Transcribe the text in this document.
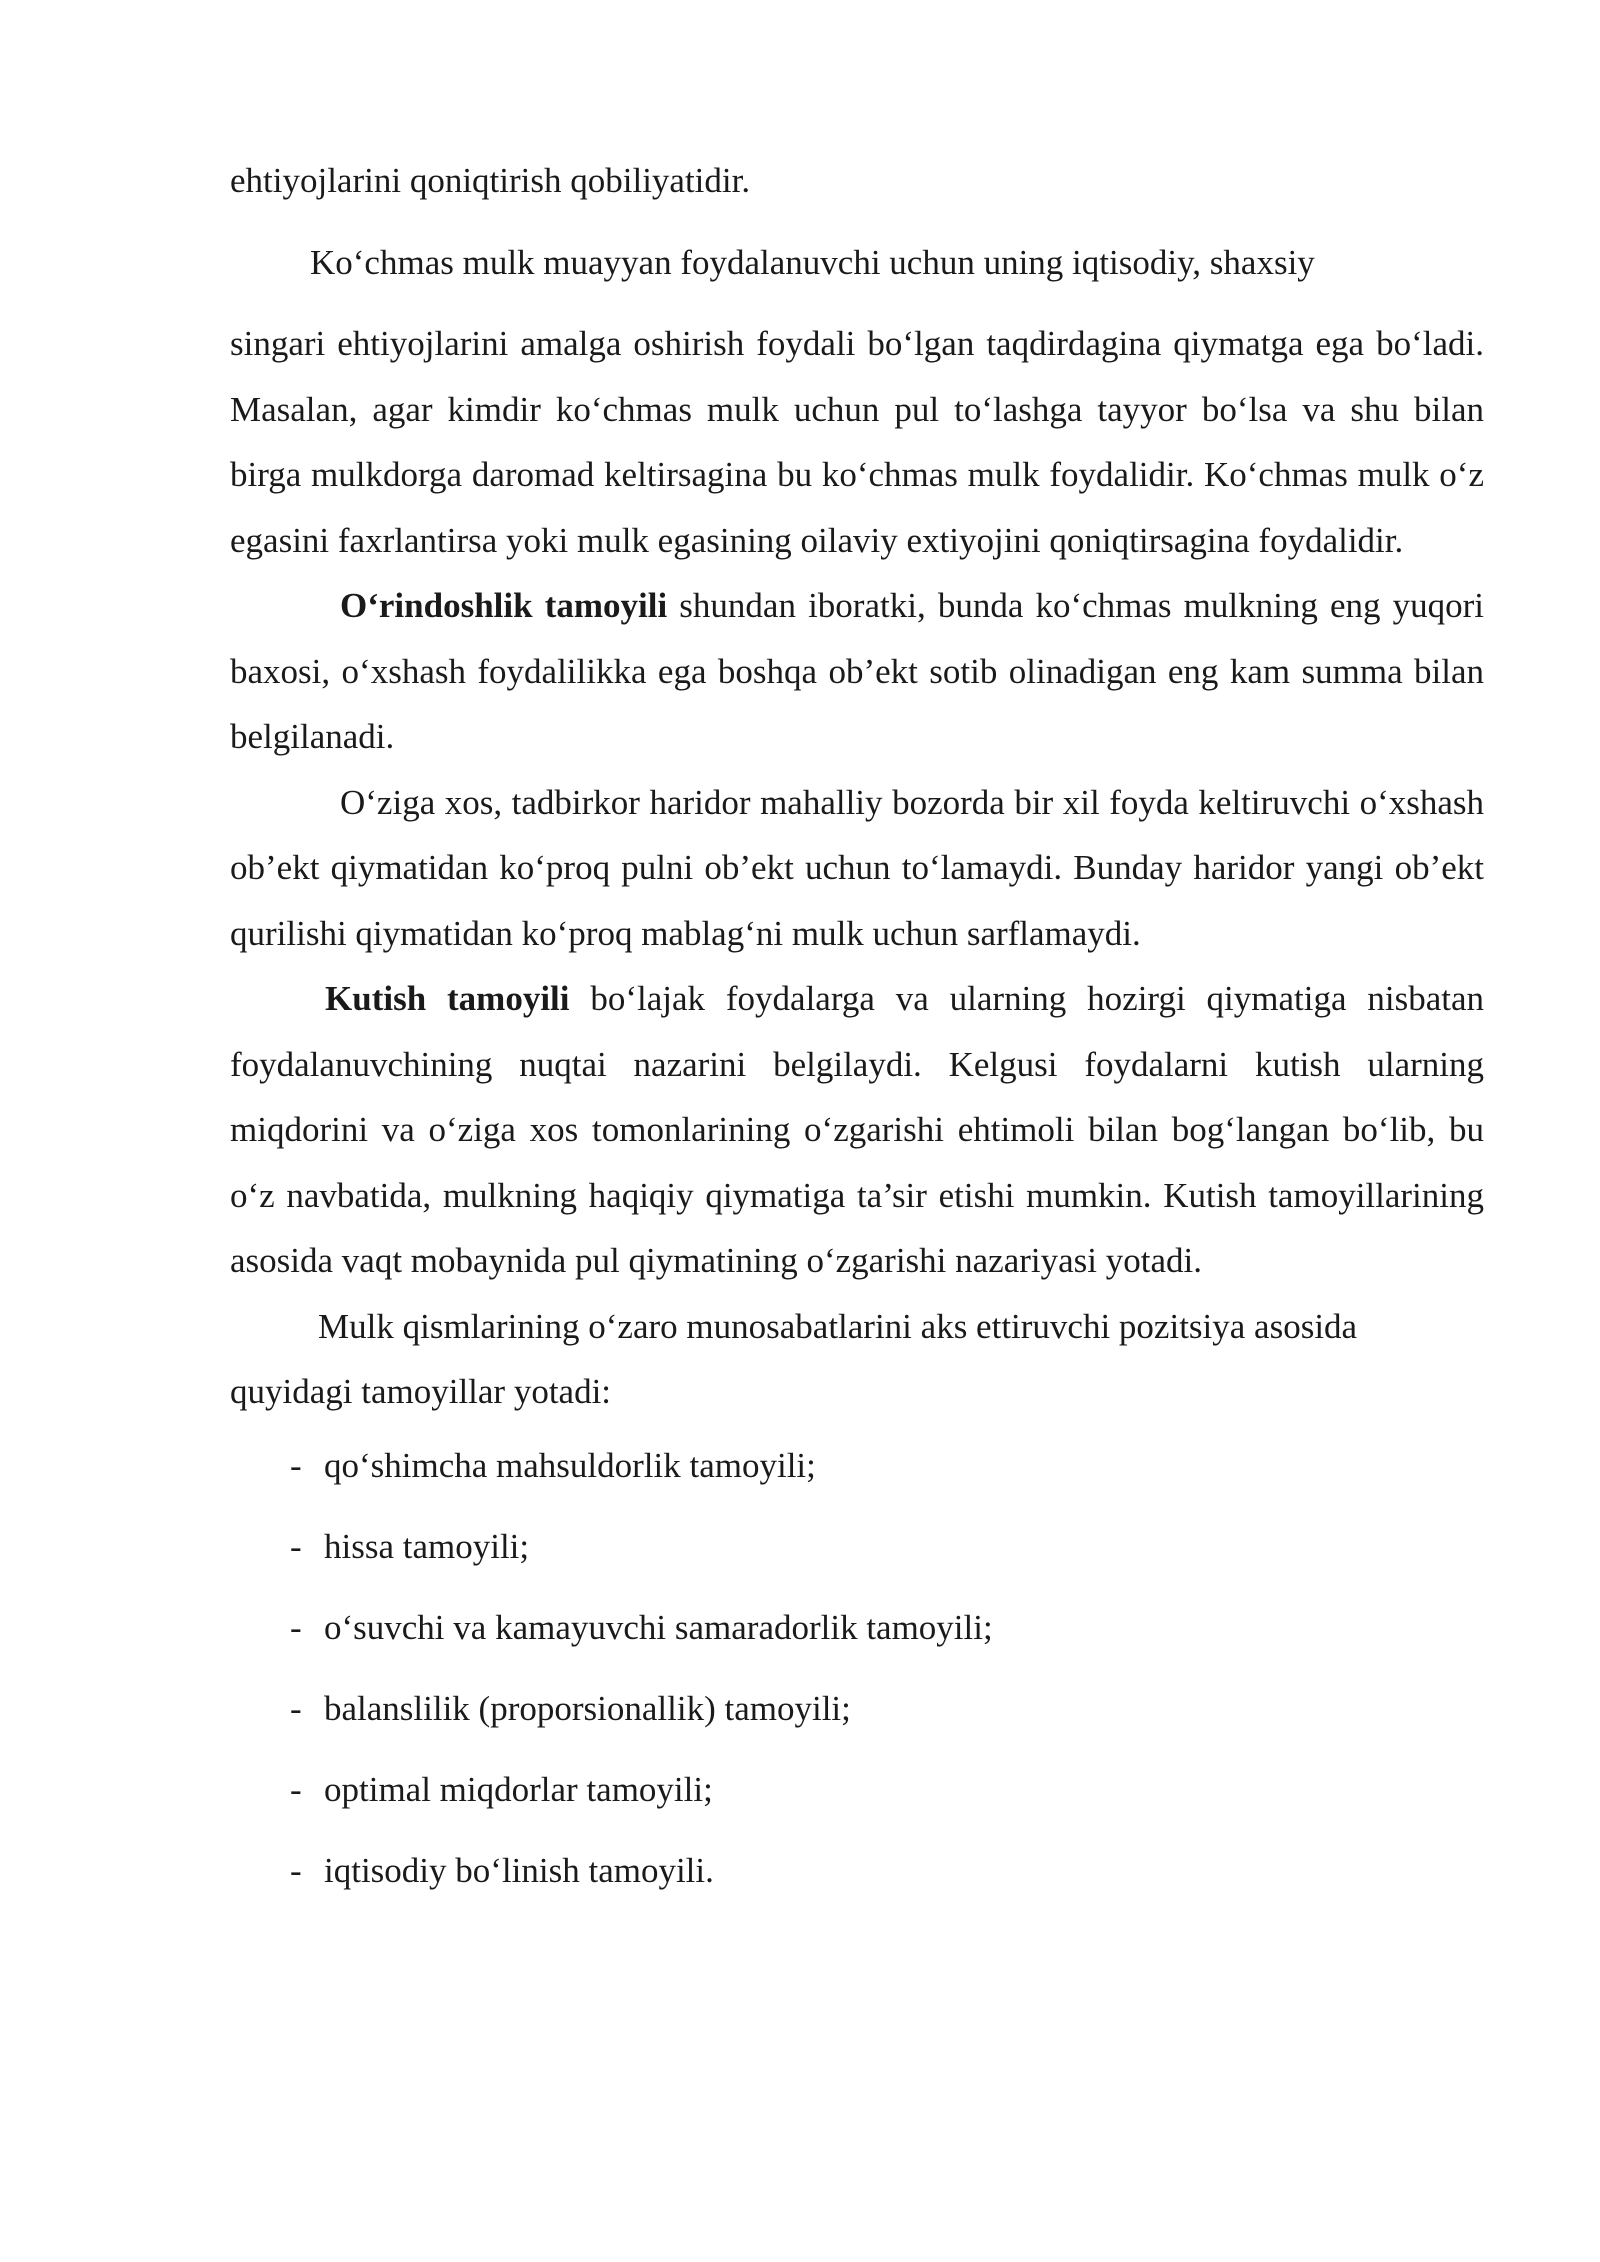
ehtiyojlarini qoniqtirish qobiliyatidir.

Ko‘chmas mulk muayyan foydalanuvchi uchun uning iqtisodiy, shaxsiy

singari ehtiyojlarini amalga oshirish foydali bo‘lgan taqdirdagina qiymatga ega bo‘ladi. Masalan, agar kimdir ko‘chmas mulk uchun pul to‘lashga tayyor bo‘lsa va shu bilan birga mulkdorga daromad keltirsagina bu ko‘chmas mulk foydalidir. Ko‘chmas mulk o‘z egasini faxrlantirsa yoki mulk egasining oilaviy extiyojini qoniqtirsagina foydalidir.

O‘rindoshlik tamoyili shundan iboratki, bunda ko‘chmas mulkning eng yuqori baxosi, o‘xshash foydalilikka ega boshqa ob’ekt sotib olinadigan eng kam summa bilan belgilanadi.

O‘ziga xos, tadbirkor haridor mahalliy bozorda bir xil foyda keltiruvchi o‘xshash ob’ekt qiymatidan ko‘proq pulni ob’ekt uchun to‘lamaydi. Bunday haridor yangi ob’ekt qurilishi qiymatidan ko‘proq mablag‘ni mulk uchun sarflamaydi.

Kutish tamoyili bo‘lajak foydalarga va ularning hozirgi qiymatiga nisbatan foydalanuvchining nuqtai nazarini belgilaydi. Kelgusi foydalarni kutish ularning miqdorini va o‘ziga xos tomonlarining o‘zgarishi ehtimoli bilan bog‘langan bo‘lib, bu o‘z navbatida, mulkning haqiqiy qiymatiga ta’sir etishi mumkin. Kutish tamoyillarining asosida vaqt mobaynida pul qiymatining o‘zgarishi nazariyasi yotadi.

Mulk qismlarining o‘zaro munosabatlarini aks ettiruvchi pozitsiya asosida

quyidagi tamoyillar yotadi:

- qo‘shimcha mahsuldorlik tamoyili;
- hissa tamoyili;
- o‘suvchi va kamayuvchi samaradorlik tamoyili;
- balanslilik (proporsionallik) tamoyili;
- optimal miqdorlar tamoyili;
- iqtisodiy bo‘linish tamoyili.
